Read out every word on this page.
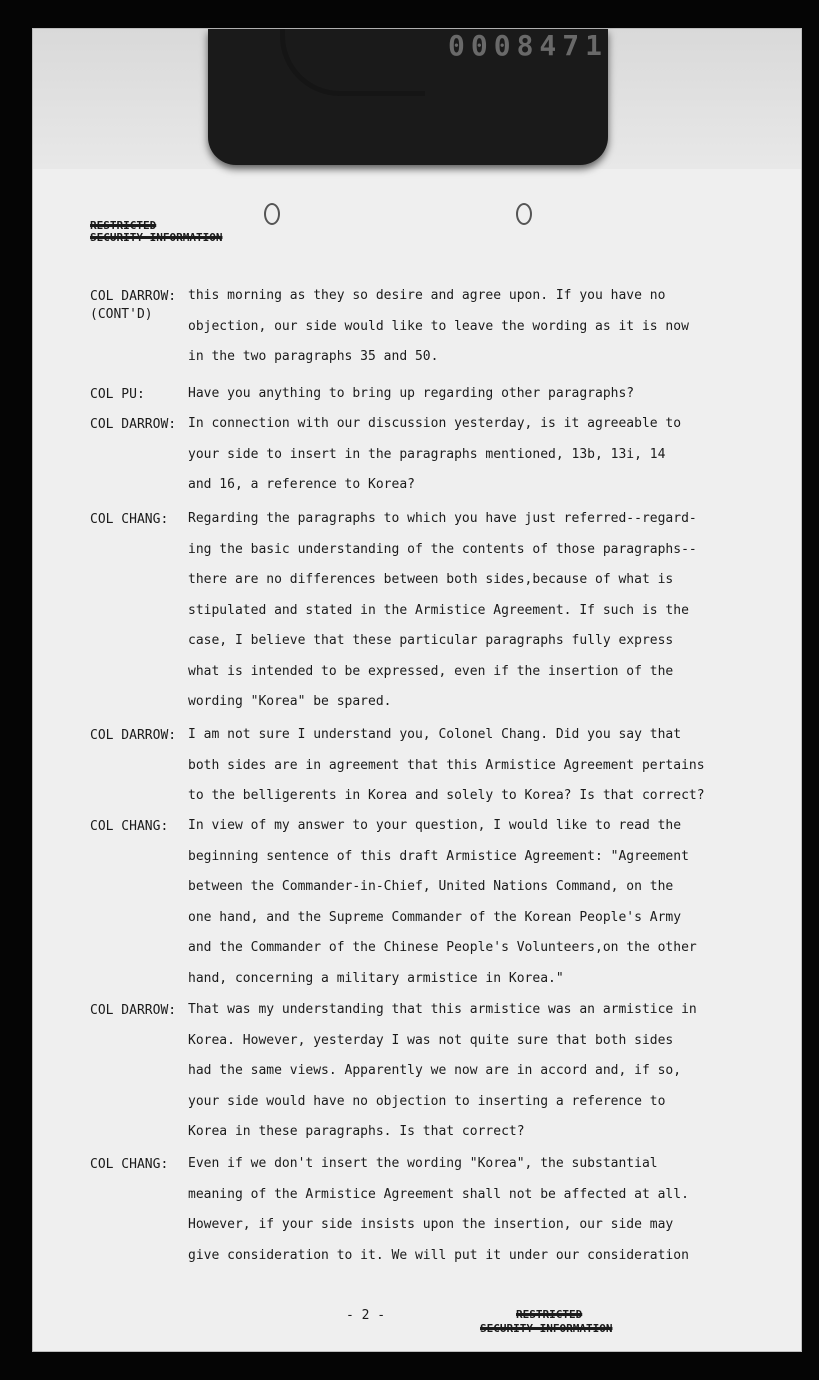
0008471
RESTRICTED
SECURITY INFORMATION
COL DARROW:
(CONT'D)
this morning as they so desire and agree upon. If you have no
objection, our side would like to leave the wording as it is now
in the two paragraphs 35 and 50.
COL PU:	Have you anything to bring up regarding other paragraphs?
COL DARROW: In connection with our discussion yesterday, is it agreeable to
your side to insert in the paragraphs mentioned, 13b, 13i, 14
and 16, a reference to Korea?
COL CHANG:	Regarding the paragraphs to which you have just referred--regard-
ing the basic understanding of the contents of those paragraphs--
there are no differences between both sides,because of what is
stipulated and stated in the Armistice Agreement. If such is the
case, I believe that these particular paragraphs fully express
what is intended to be expressed, even if the insertion of the
wording "Korea" be spared.
COL DARROW: I am not sure I understand you, Colonel Chang. Did you say that
both sides are in agreement that this Armistice Agreement pertains
to the belligerents in Korea and solely to Korea? Is that correct?
COL CHANG:	In view of my answer to your question, I would like to read the
beginning sentence of this draft Armistice Agreement: "Agreement
between the Commander-in-Chief, United Nations Command, on the
one hand, and the Supreme Commander of the Korean People's Army
and the Commander of the Chinese People's Volunteers,on the other
hand, concerning a military armistice in Korea."
COL DARROW: That was my understanding that this armistice was an armistice in
Korea. However, yesterday I was not quite sure that both sides
had the same views. Apparently we now are in accord and, if so,
your side would have no objection to inserting a reference to
Korea in these paragraphs. Is that correct?
COL CHANG:	Even if we don't insert the wording "Korea", the substantial
meaning of the Armistice Agreement shall not be affected at all.
However, if your side insists upon the insertion, our side may
give consideration to it. We will put it under our consideration
- 2 -	RESTRICTED
SECURITY INFORMATION
